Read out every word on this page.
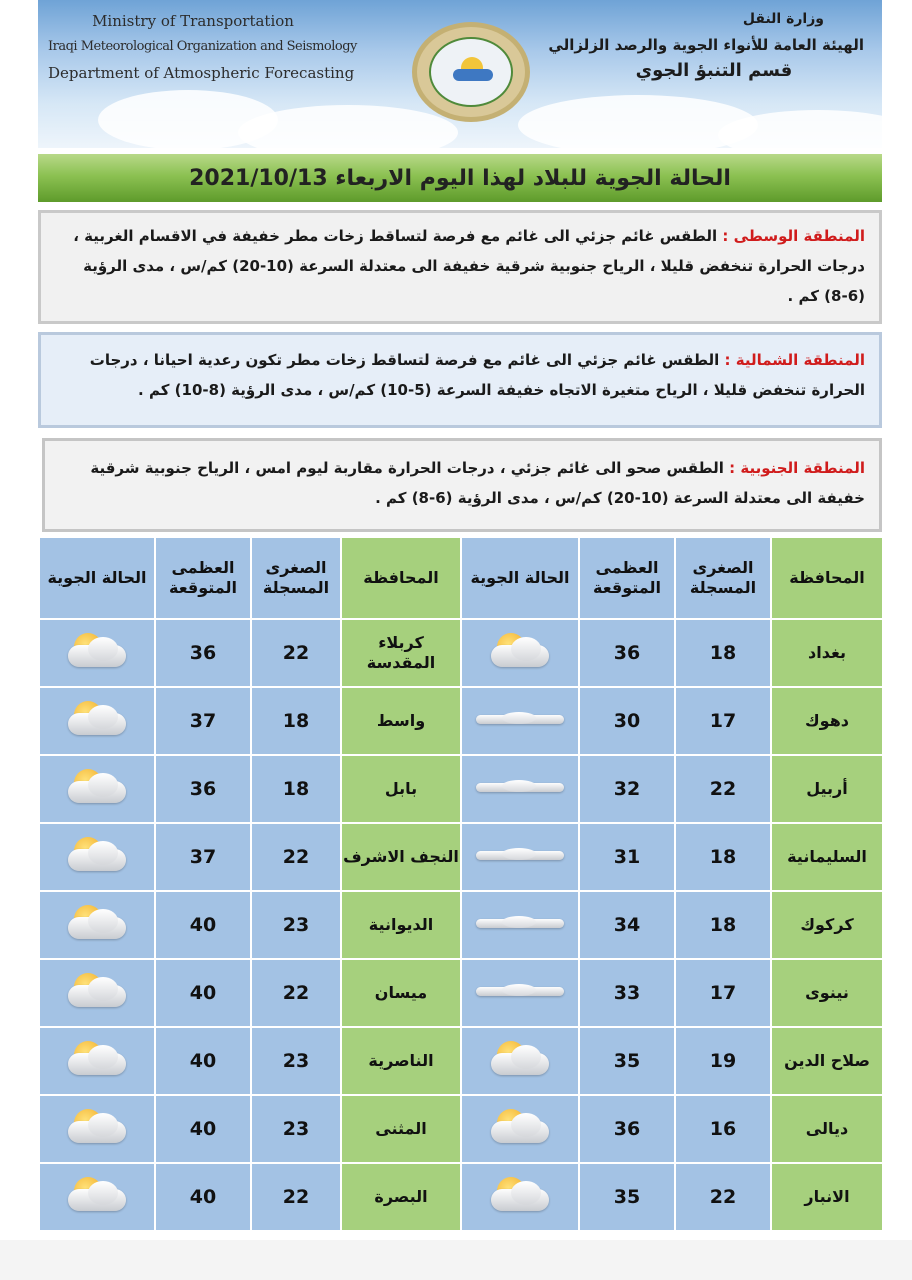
Ministry of Transportation
Iraqi Meteorological Organization and Seismology
Department of Atmospheric Forecasting
وزارة النقل
الهيئة العامة للأنواء الجوية والرصد الزلزالي
قسم التنبؤ الجوي
الحالة الجوية للبلاد لهذا اليوم الاربعاء 2021/10/13
المنطقة الوسطى : الطقس غائم جزئي الى غائم مع فرصة لتساقط زخات مطر خفيفة في الاقسام الغربية ، درجات الحرارة تنخفض قليلا ، الرياح جنوبية شرقية خفيفة الى معتدلة السرعة (10-20) كم/س ، مدى الرؤية (6-8) كم .
المنطقة الشمالية : الطقس غائم جزئي الى غائم مع فرصة لتساقط زخات مطر تكون رعدية احيانا ، درجات الحرارة تنخفض قليلا ، الرياح متغيرة الاتجاه خفيفة السرعة (5-10) كم/س ، مدى الرؤية (8-10) كم .
المنطقة الجنوبية : الطقس صحو الى غائم جزئي ، درجات الحرارة مقاربة ليوم امس ، الرياح جنوبية شرقية خفيفة الى معتدلة السرعة (10-20) كم/س ، مدى الرؤية (6-8) كم .
المحافظة	الصغرى المسجلة	العظمى المتوقعة	الحالة الجوية	المحافظة	الصغرى المسجلة	العظمى المتوقعة	الحالة الجوية
بغداد	18	36		كربلاء المقدسة	22	36	

دهوك	17	30		واسط	18	37	

أربيل	22	32		بابل	18	36	

السليمانية	18	31		النجف الاشرف	22	37	

كركوك	18	34		الديوانية	23	40	

نينوى	17	33		ميسان	22	40	

صلاح الدين	19	35		الناصرية	23	40	

ديالى	16	36		المثنى	23	40	

الانبار	22	35		البصرة	22	40	
